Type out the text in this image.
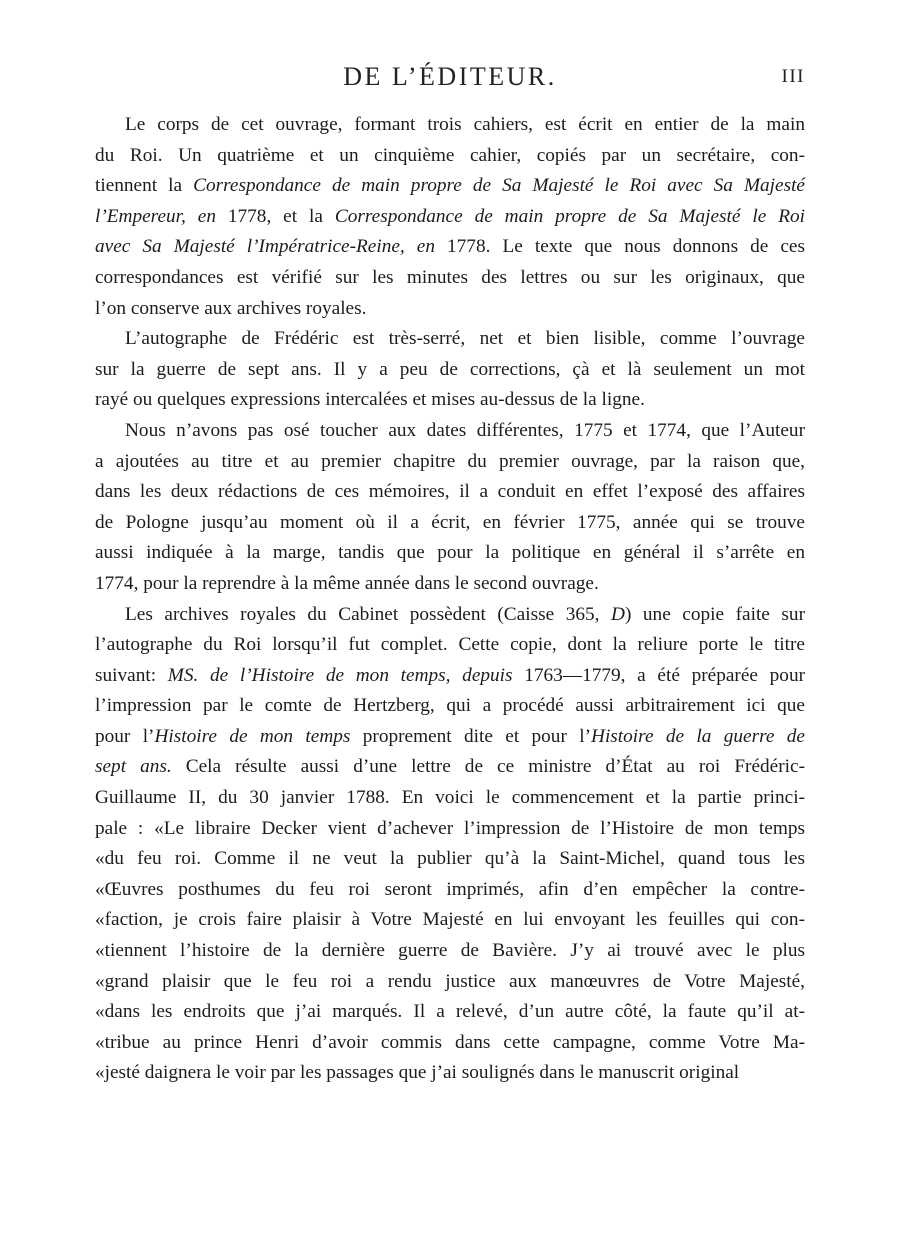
DE L’ÉDITEUR.	III
Le corps de cet ouvrage, formant trois cahiers, est écrit en entier de la main
du Roi. Un quatrième et un cinquième cahier, copiés par un secrétaire, con-
tiennent la Correspondance de main propre de Sa Majesté le Roi avec Sa Majesté
l’Empereur, en 1778, et la Correspondance de main propre de Sa Majesté le Roi
avec Sa Majesté l’Impératrice-Reine, en 1778. Le texte que nous donnons de ces
correspondances est vérifié sur les minutes des lettres ou sur les originaux, que
l’on conserve aux archives royales.
L’autographe de Frédéric est très-serré, net et bien lisible, comme l’ouvrage
sur la guerre de sept ans. Il y a peu de corrections, çà et là seulement un mot
rayé ou quelques expressions intercalées et mises au-dessus de la ligne.
Nous n’avons pas osé toucher aux dates différentes, 1775 et 1774, que l’Auteur
a ajoutées au titre et au premier chapitre du premier ouvrage, par la raison que,
dans les deux rédactions de ces mémoires, il a conduit en effet l’exposé des affaires
de Pologne jusqu’au moment où il a écrit, en février 1775, année qui se trouve
aussi indiquée à la marge, tandis que pour la politique en général il s’arrête en
1774, pour la reprendre à la même année dans le second ouvrage.
Les archives royales du Cabinet possèdent (Caisse 365, D) une copie faite sur
l’autographe du Roi lorsqu’il fut complet. Cette copie, dont la reliure porte le titre
suivant: MS. de l’Histoire de mon temps, depuis 1763—1779, a été préparée pour
l’impression par le comte de Hertzberg, qui a procédé aussi arbitrairement ici que
pour l’Histoire de mon temps proprement dite et pour l’Histoire de la guerre de
sept ans. Cela résulte aussi d’une lettre de ce ministre d’État au roi Frédéric-
Guillaume II, du 30 janvier 1788. En voici le commencement et la partie princi-
pale : «Le libraire Decker vient d’achever l’impression de l’Histoire de mon temps
«du feu roi. Comme il ne veut la publier qu’à la Saint-Michel, quand tous les
«Œuvres posthumes du feu roi seront imprimés, afin d’en empêcher la contre-
«faction, je crois faire plaisir à Votre Majesté en lui envoyant les feuilles qui con-
«tiennent l’histoire de la dernière guerre de Bavière. J’y ai trouvé avec le plus
«grand plaisir que le feu roi a rendu justice aux manœuvres de Votre Majesté,
«dans les endroits que j’ai marqués. Il a relevé, d’un autre côté, la faute qu’il at-
«tribue au prince Henri d’avoir commis dans cette campagne, comme Votre Ma-
«jesté daignera le voir par les passages que j’ai soulignés dans le manuscrit original
